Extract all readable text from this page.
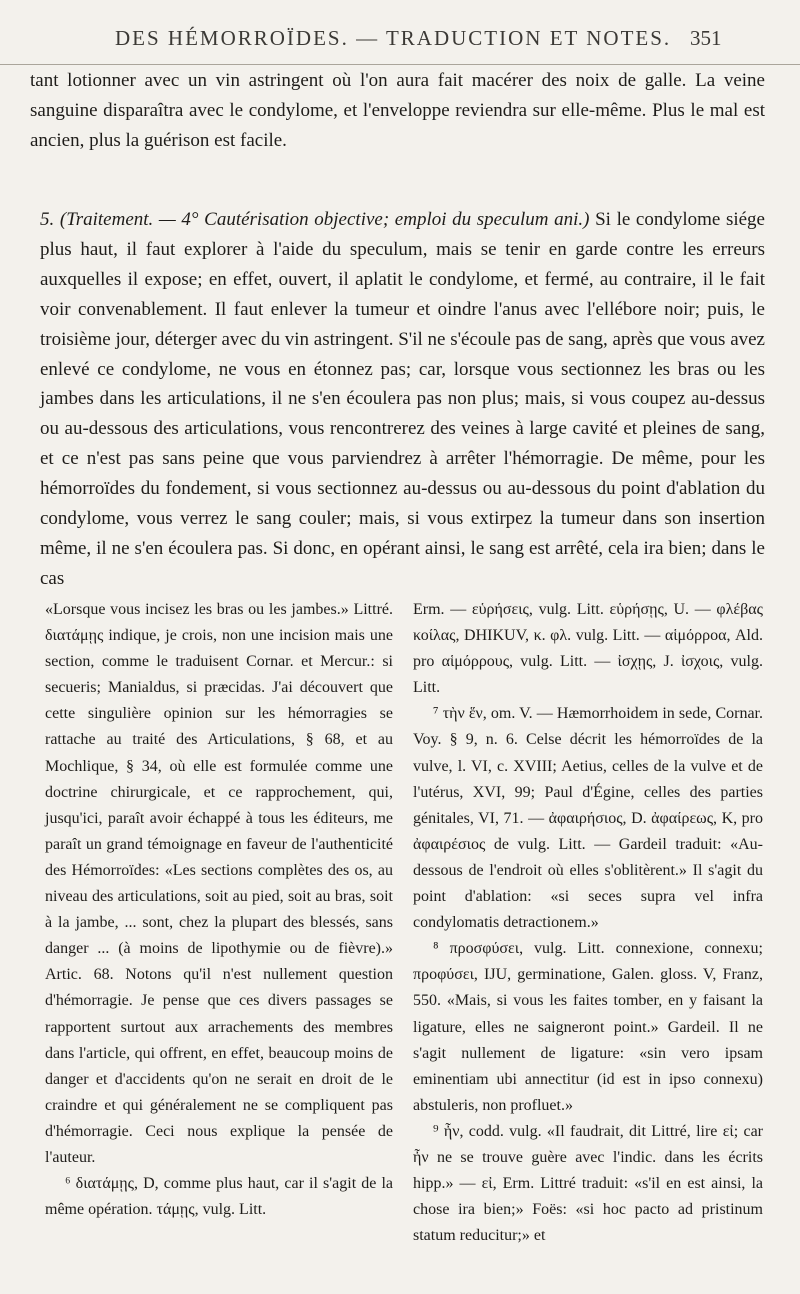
DES HÉMORROÏDES. — TRADUCTION ET NOTES. 351

tant lotionner avec un vin astringent où l'on aura fait macérer des noix de galle. La veine sanguine disparaîtra avec le condylome, et l'enveloppe reviendra sur elle-même. Plus le mal est ancien, plus la guérison est facile.

5. (Traitement. — 4° Cautérisation objective; emploi du speculum ani.) Si le condylome siége plus haut, il faut explorer à l'aide du speculum, mais se tenir en garde contre les erreurs auxquelles il expose; en effet, ouvert, il aplatit le condylome, et fermé, au contraire, il le fait voir convenablement. Il faut enlever la tumeur et oindre l'anus avec l'ellébore noir; puis, le troisième jour, déterger avec du vin astringent. S'il ne s'écoule pas de sang, après que vous avez enlevé ce condylome, ne vous en étonnez pas; car, lorsque vous sectionnez les bras ou les jambes dans les articulations, il ne s'en écoulera pas non plus; mais, si vous coupez au-dessus ou au-dessous des articulations, vous rencontrerez des veines à large cavité et pleines de sang, et ce n'est pas sans peine que vous parviendrez à arrêter l'hémorragie. De même, pour les hémorroïdes du fondement, si vous sectionnez au-dessus ou au-dessous du point d'ablation du condylome, vous verrez le sang couler; mais, si vous extirpez la tumeur dans son insertion même, il ne s'en écoulera pas. Si donc, en opérant ainsi, le sang est arrêté, cela ira bien; dans le cas

«Lorsque vous incisez les bras ou les jambes.» Littré. διατάμῃς indique, je crois, non une incision mais une section, comme le traduisent Cornar. et Mercur.: si secueris; Manialdus, si præcidas. J'ai découvert que cette singulière opinion sur les hémorragies se rattache au traité des Articulations, § 68, et au Mochlique, § 34, où elle est formulée comme une doctrine chirurgicale, et ce rapprochement, qui, jusqu'ici, paraît avoir échappé à tous les éditeurs, me paraît un grand témoignage en faveur de l'authenticité des Hémorroïdes: «Les sections complètes des os, au niveau des articulations, soit au pied, soit au bras, soit à la jambe, ... sont, chez la plupart des blessés, sans danger ... (à moins de lipothymie ou de fièvre).» Artic. 68. Notons qu'il n'est nullement question d'hémorragie. Je pense que ces divers passages se rapportent surtout aux arrachements des membres dans l'article, qui offrent, en effet, beaucoup moins de danger et d'accidents qu'on ne serait en droit de le craindre et qui généralement ne se compliquent pas d'hémorragie. Ceci nous explique la pensée de l'auteur.

⁶ διατάμῃς, D, comme plus haut, car il s'agit de la même opération. τάμῃς, vulg. Litt.

Erm. — εὑρήσεις, vulg. Litt. εὑρήσῃς, U. — φλέβας κοίλας, DHIKUV, κ. φλ. vulg. Litt. — αἱμόρροα, Ald. pro αἱμόρρους, vulg. Litt. — ἰσχῃς, J. ἰσχοις, vulg. Litt.

⁷ τὴν ἕν, om. V. — Hæmorrhoidem in sede, Cornar. Voy. § 9, n. 6. Celse décrit les hémorroïdes de la vulve, l. VI, c. XVIII; Aetius, celles de la vulve et de l'utérus, XVI, 99; Paul d'Égine, celles des parties génitales, VI, 71. — ἀφαιρήσιος, D. ἀφαίρεως, K, pro ἀφαιρέσιος de vulg. Litt. — Gardeil traduit: «Au-dessous de l'endroit où elles s'oblitèrent.» Il s'agit du point d'ablation: «si seces supra vel infra condylomatis detractionem.»

⁸ προσφύσει, vulg. Litt. connexione, connexu; προφύσει, IJU, germinatione, Galen. gloss. V, Franz, 550. «Mais, si vous les faites tomber, en y faisant la ligature, elles ne saigneront point.» Gardeil. Il ne s'agit nullement de ligature: «sin vero ipsam eminentiam ubi annectitur (id est in ipso connexu) abstuleris, non profluet.»

⁹ ἦν, codd. vulg. «Il faudrait, dit Littré, lire εἰ; car ἦν ne se trouve guère avec l'indic. dans les écrits hipp.» — εἰ, Erm. Littré traduit: «s'il en est ainsi, la chose ira bien;» Foës: «si hoc pacto ad pristinum statum reducitur;» et
